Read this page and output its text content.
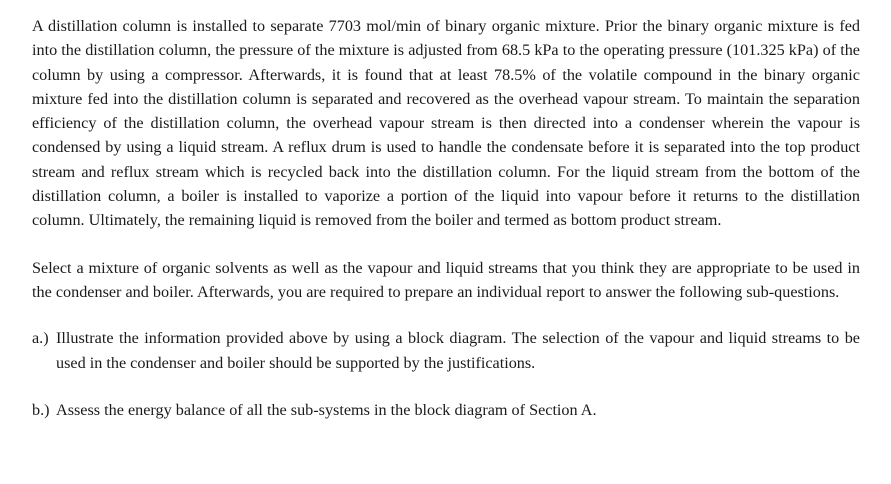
A distillation column is installed to separate 7703 mol/min of binary organic mixture. Prior the binary organic mixture is fed into the distillation column, the pressure of the mixture is adjusted from 68.5 kPa to the operating pressure (101.325 kPa) of the column by using a compressor. Afterwards, it is found that at least 78.5% of the volatile compound in the binary organic mixture fed into the distillation column is separated and recovered as the overhead vapour stream. To maintain the separation efficiency of the distillation column, the overhead vapour stream is then directed into a condenser wherein the vapour is condensed by using a liquid stream. A reflux drum is used to handle the condensate before it is separated into the top product stream and reflux stream which is recycled back into the distillation column. For the liquid stream from the bottom of the distillation column, a boiler is installed to vaporize a portion of the liquid into vapour before it returns to the distillation column. Ultimately, the remaining liquid is removed from the boiler and termed as bottom product stream.

Select a mixture of organic solvents as well as the vapour and liquid streams that you think they are appropriate to be used in the condenser and boiler. Afterwards, you are required to prepare an individual report to answer the following sub-questions.

a.) Illustrate the information provided above by using a block diagram. The selection of the vapour and liquid streams to be used in the condenser and boiler should be supported by the justifications.
b.) Assess the energy balance of all the sub-systems in the block diagram of Section A.
